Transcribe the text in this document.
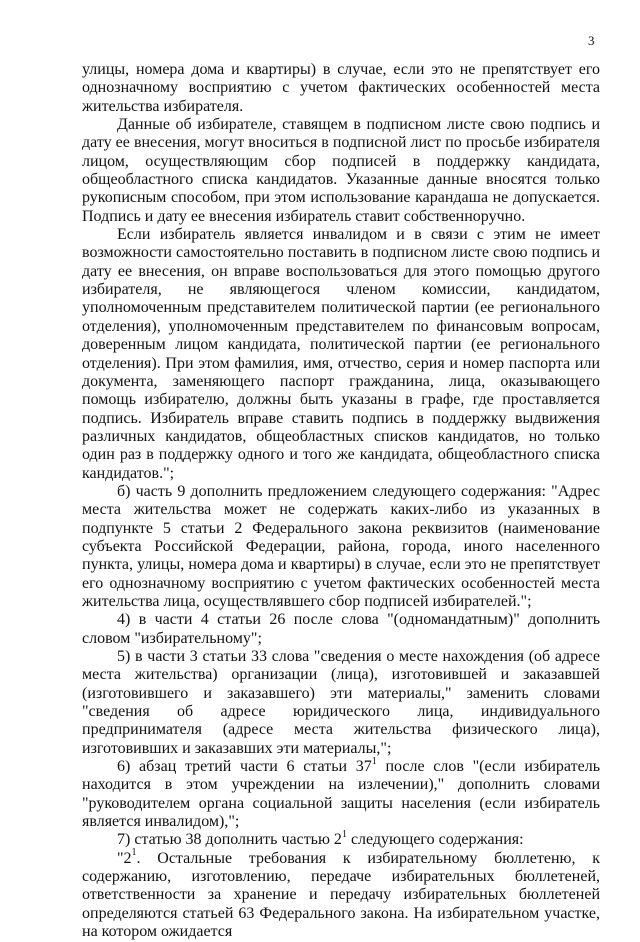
3

улицы, номера дома и квартиры) в случае, если это не препятствует его однозначному восприятию с учетом фактических особенностей места жительства избирателя.

Данные об избирателе, ставящем в подписном листе свою подпись и дату ее внесения, могут вноситься в подписной лист по просьбе избирателя лицом, осуществляющим сбор подписей в поддержку кандидата, общеобластного списка кандидатов. Указанные данные вносятся только рукописным способом, при этом использование карандаша не допускается. Подпись и дату ее внесения избиратель ставит собственноручно.

Если избиратель является инвалидом и в связи с этим не имеет возможности самостоятельно поставить в подписном листе свою подпись и дату ее внесения, он вправе воспользоваться для этого помощью другого избирателя, не являющегося членом комиссии, кандидатом, уполномоченным представителем политической партии (ее регионального отделения), уполномоченным представителем по финансовым вопросам, доверенным лицом кандидата, политической партии (ее регионального отделения). При этом фамилия, имя, отчество, серия и номер паспорта или документа, заменяющего паспорт гражданина, лица, оказывающего помощь избирателю, должны быть указаны в графе, где проставляется подпись. Избиратель вправе ставить подпись в поддержку выдвижения различных кандидатов, общеобластных списков кандидатов, но только один раз в поддержку одного и того же кандидата, общеобластного списка кандидатов.";

б) часть 9 дополнить предложением следующего содержания: "Адрес места жительства может не содержать каких-либо из указанных в подпункте 5 статьи 2 Федерального закона реквизитов (наименование субъекта Российской Федерации, района, города, иного населенного пункта, улицы, номера дома и квартиры) в случае, если это не препятствует его однозначному восприятию с учетом фактических особенностей места жительства лица, осуществлявшего сбор подписей избирателей.";

4) в части 4 статьи 26 после слова "(одномандатным)" дополнить словом "избирательному";

5) в части 3 статьи 33 слова "сведения о месте нахождения (об адресе места жительства) организации (лица), изготовившей и заказавшей (изготовившего и заказавшего) эти материалы," заменить словами "сведения об адресе юридического лица, индивидуального предпринимателя (адресе места жительства физического лица), изготовивших и заказавших эти материалы,";

6) абзац третий части 6 статьи $37^1$ после слов "(если избиратель находится в этом учреждении на излечении)," дополнить словами "руководителем органа социальной защиты населения (если избиратель является инвалидом),";

7) статью 38 дополнить частью $2^1$ следующего содержания:

"$2^1$. Остальные требования к избирательному бюллетеню, к содержанию, изготовлению, передаче избирательных бюллетеней, ответственности за хранение и передачу избирательных бюллетеней определяются статьей 63 Федерального закона. На избирательном участке, на котором ожидается
